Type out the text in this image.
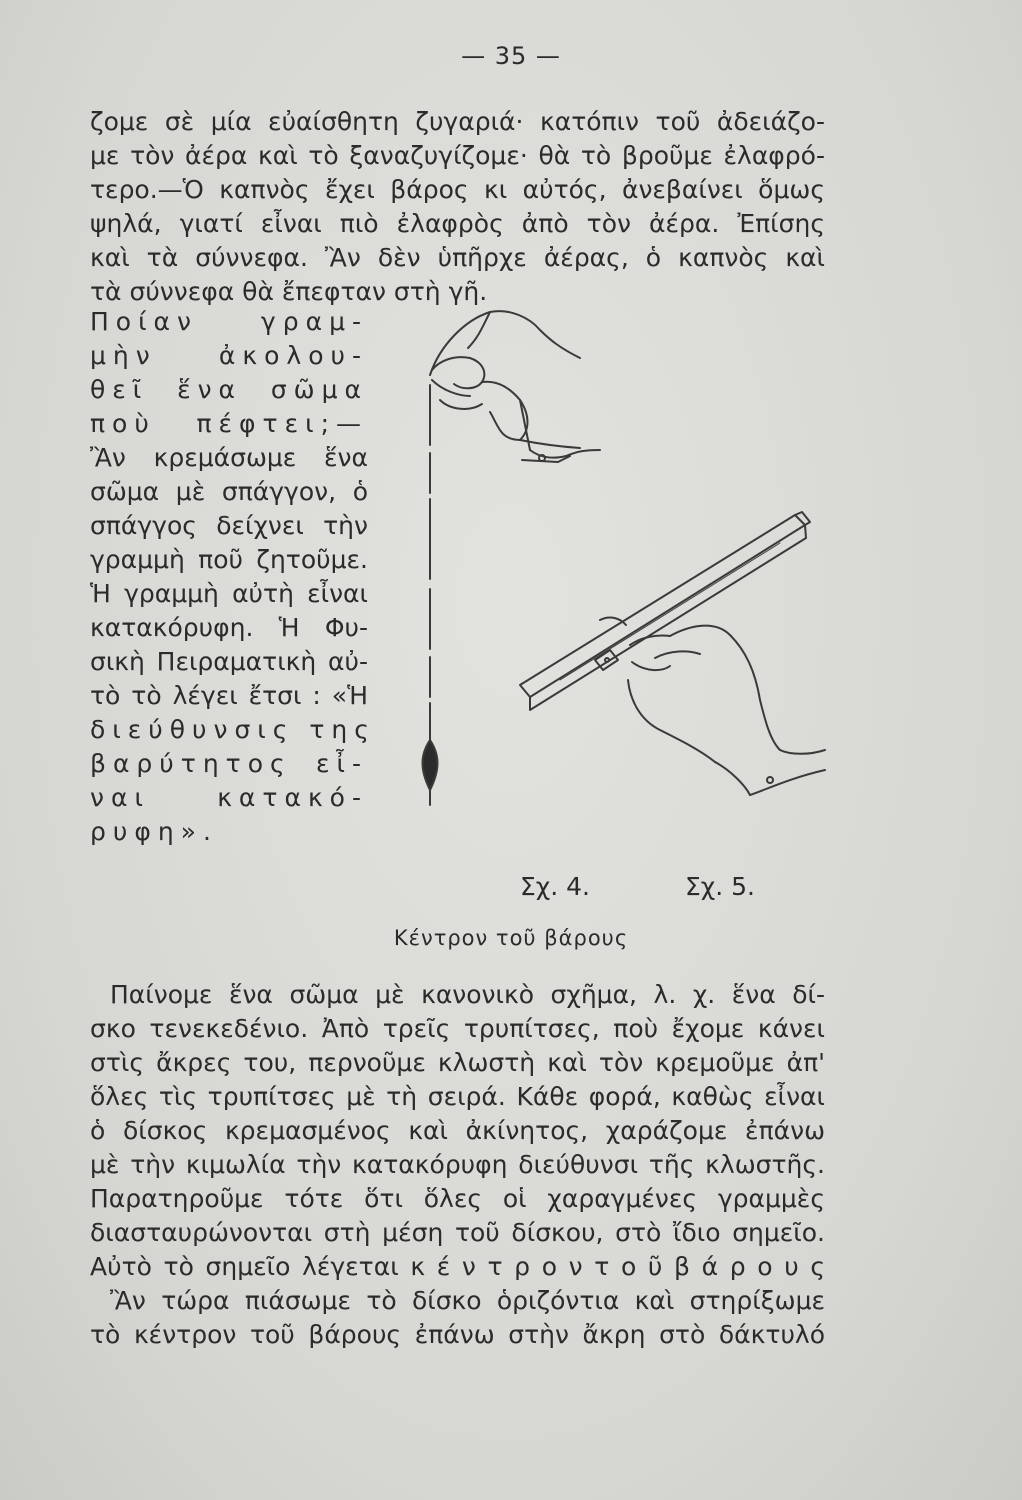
— 35 —
ζομε σὲ μία εὐαίσθητη ζυγαριά· κατόπιν τοῦ ἀδειάζο-
με τὸν ἀέρα καὶ τὸ ξαναζυγίζομε· θὰ τὸ βροῦμε ἐλαφρό-
τερο.—Ὁ καπνὸς ἔχει βάρος κι αὐτός, ἀνεβαίνει ὅμως
ψηλά, γιατί εἶναι πιὸ ἐλαφρὸς ἀπὸ τὸν ἀέρα. Ἐπίσης
καὶ τὰ σύννεφα. Ἂν δὲν ὑπῆρχε ἀέρας, ὁ καπνὸς καὶ
τὰ σύννεφα θὰ ἔπεφταν στὴ γῆ.
Ποίαν γραμ-
μὴν ἀκολου-
θεῖ ἕνα σῶμα
ποὺ πέφτει;—
Ἂν κρεμάσωμε ἕνα
σῶμα μὲ σπάγγον, ὁ
σπάγγος δείχνει τὴν
γραμμὴ ποῦ ζητοῦμε.
Ἡ γραμμὴ αὐτὴ εἶναι
κατακόρυφη. Ἡ Φυ-
σικὴ Πειραματικὴ αὐ-
τὸ τὸ λέγει ἔτσι : «Ἡ
διεύθυνσις της
βαρύτητος εἶ-
ναι κατακό-
ρυφη».
Σχ. 4.	Σχ. 5.
Κέντρον τοῦ βάρους
Παίνομε ἕνα σῶμα μὲ κανονικὸ σχῆμα, λ. χ. ἕνα δί-
σκο τενεκεδένιο. Ἀπὸ τρεῖς τρυπίτσες, ποὺ ἔχομε κάνει
στὶς ἄκρες του, περνοῦμε κλωστὴ καὶ τὸν κρεμοῦμε ἀπ'
ὅλες τὶς τρυπίτσες μὲ τὴ σειρά. Κάθε φορά, καθὼς εἶναι
ὁ δίσκος κρεμασμένος καὶ ἀκίνητος, χαράζομε ἐπάνω
μὲ τὴν κιμωλία τὴν κατακόρυφη διεύθυνσι τῆς κλωστῆς.
Παρατηροῦμε τότε ὅτι ὅλες οἱ χαραγμένες γραμμὲς
διασταυρώνονται στὴ μέση τοῦ δίσκου, στὸ ἴδιο σημεῖο.
Αὐτὸ τὸ σημεῖο λέγεται κ έ ν τ ρ ο ν τ ο ῦ β ά ρ ο υ ς
Ἂν τώρα πιάσωμε τὸ δίσκο ὁριζόντια καὶ στηρίξωμε
τὸ κέντρον τοῦ βάρους ἐπάνω στὴν ἄκρη στὸ δάκτυλό
